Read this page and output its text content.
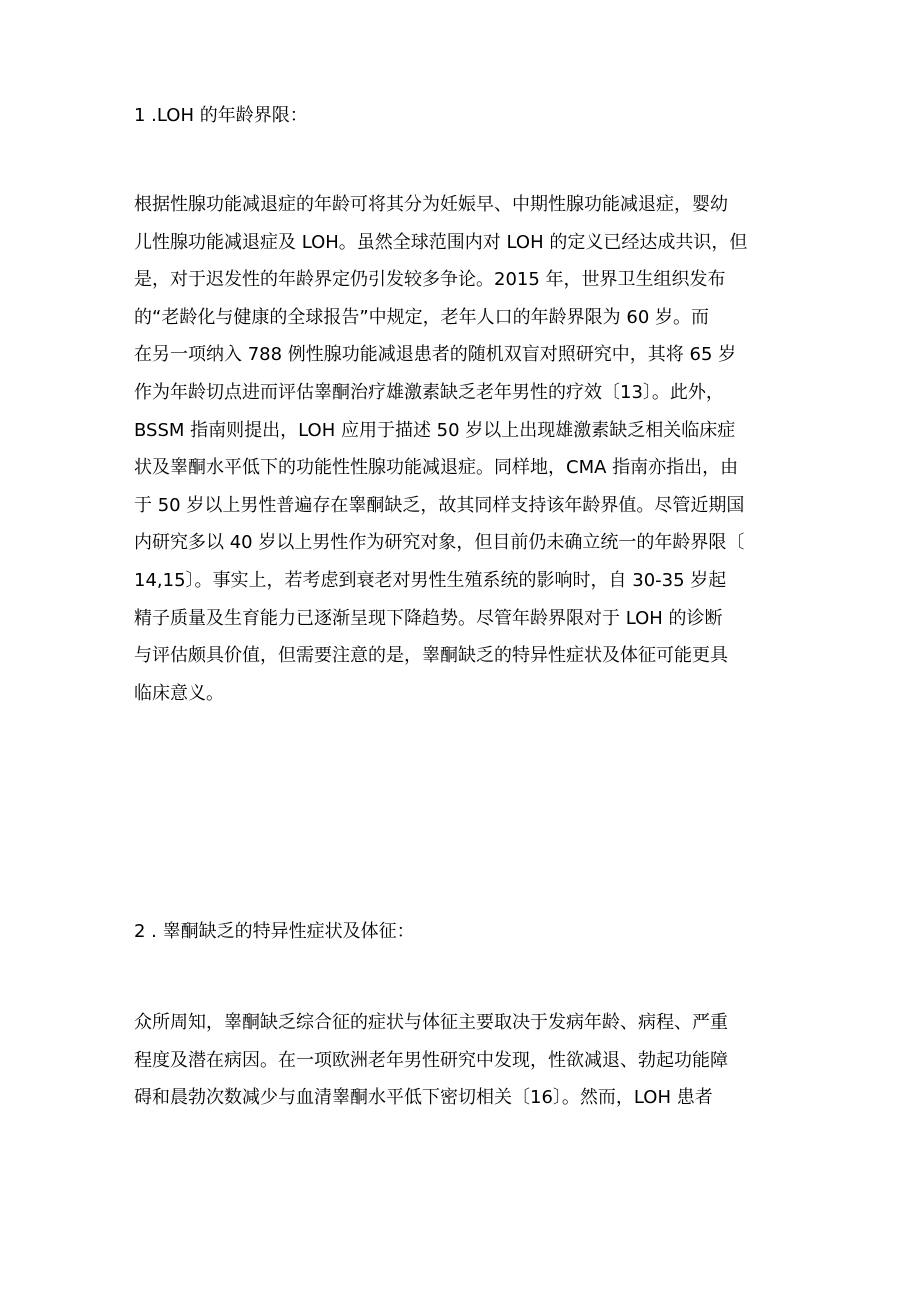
1 .LOH 的年龄界限：
根据性腺功能减退症的年龄可将其分为妊娠早、中期性腺功能减退症，婴幼
儿性腺功能减退症及 LOH。虽然全球范围内对 LOH 的定义已经达成共识，但
是，对于迟发性的年龄界定仍引发较多争论。2015 年，世界卫生组织发布
的“老龄化与健康的全球报告”中规定，老年人口的年龄界限为 60 岁。而
在另一项纳入 788 例性腺功能减退患者的随机双盲对照研究中，其将 65 岁
作为年龄切点进而评估睾酮治疗雄激素缺乏老年男性的疗效〔13〕。此外，
BSSM 指南则提出，LOH 应用于描述 50 岁以上出现雄激素缺乏相关临床症
状及睾酮水平低下的功能性性腺功能减退症。同样地，CMA 指南亦指出，由
于 50 岁以上男性普遍存在睾酮缺乏，故其同样支持该年龄界值。尽管近期国
内研究多以 40 岁以上男性作为研究对象，但目前仍未确立统一的年龄界限〔
14,15〕。事实上，若考虑到衰老对男性生殖系统的影响时，自 30-35 岁起
精子质量及生育能力已逐渐呈现下降趋势。尽管年龄界限对于 LOH 的诊断
与评估颇具价值，但需要注意的是，睾酮缺乏的特异性症状及体征可能更具
临床意义。
2 . 睾酮缺乏的特异性症状及体征：
众所周知，睾酮缺乏综合征的症状与体征主要取决于发病年龄、病程、严重
程度及潜在病因。在一项欧洲老年男性研究中发现，性欲减退、勃起功能障
碍和晨勃次数减少与血清睾酮水平低下密切相关〔16〕。然而，LOH 患者
